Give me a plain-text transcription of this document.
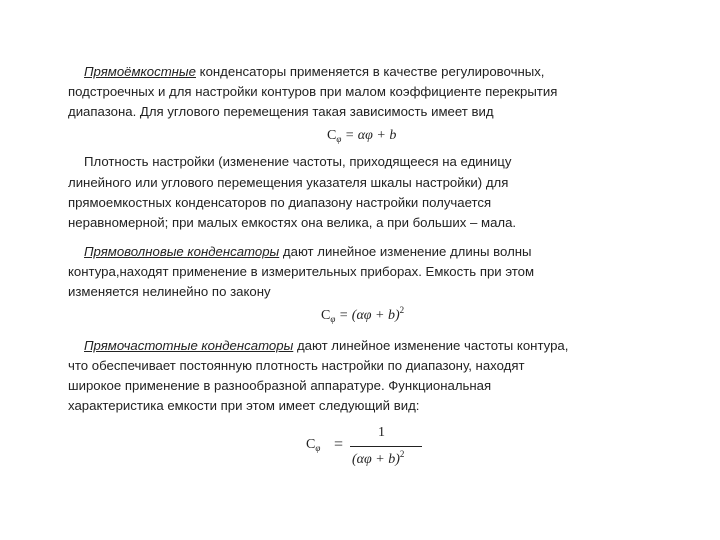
Прямоёмкостные конденсаторы применяется в качестве регулировочных,
подстроечных и для настройки контуров при малом коэффициенте перекрытия
диапазона. Для углового перемещения такая зависимость имеет вид
$С_\varphi = \alpha\varphi + b$
Плотность настройки (изменение частоты, приходящееся на единицу
линейного или углового перемещения указателя шкалы настройки) для
прямоемкостных конденсаторов по диапазону настройки получается
неравномерной; при малых емкостях она велика, а при больших – мала.
Прямоволновые конденсаторы дают линейное изменение длины волны
контура,находят применение в измерительных приборах. Емкость при этом
изменяется нелинейно по закону
$С_\varphi = (\alpha\varphi + b)^2$
Прямочастотные конденсаторы дают линейное изменение частоты контура,
что обеспечивает постоянную плотность настройки по диапазону, находят
широкое применение в разнообразной аппаратуре. Функциональная
характеристика емкости при этом имеет следующий вид:
$С_\varphi$ =
1
$(\alpha\varphi + b)^2$
